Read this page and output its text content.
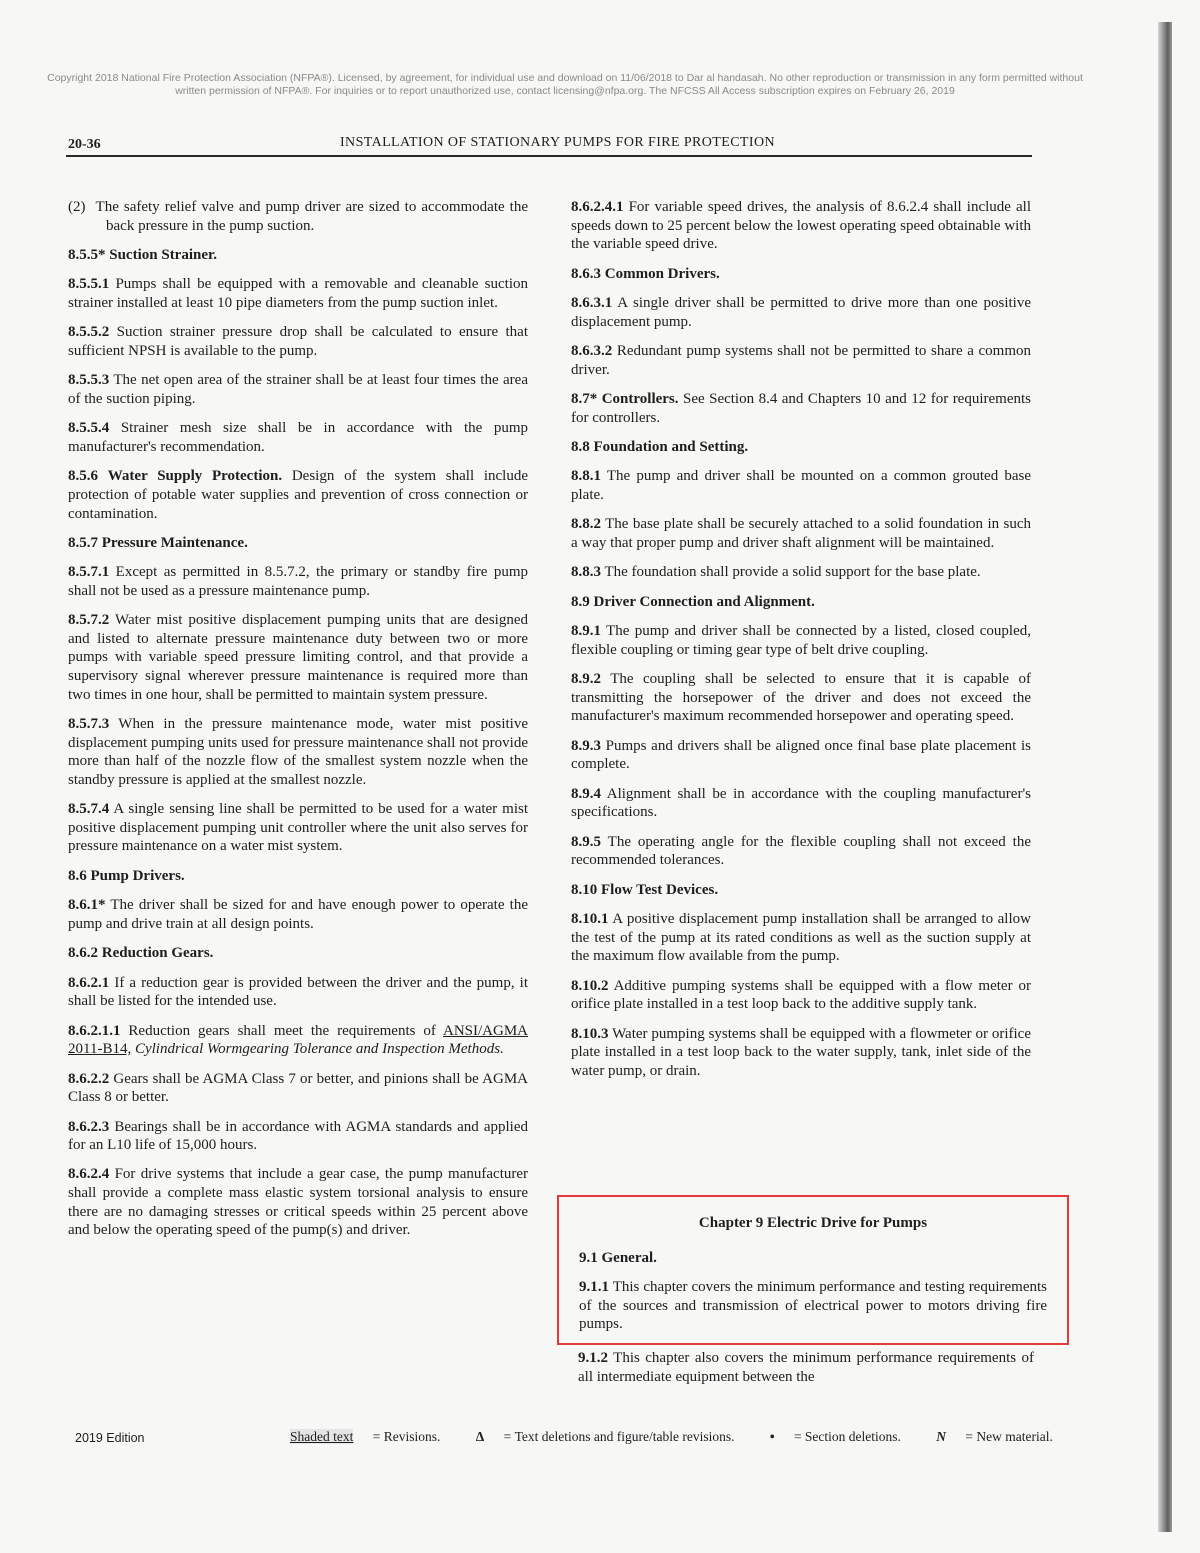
Copyright 2018 National Fire Protection Association (NFPA®). Licensed, by agreement, for individual use and download on 11/06/2018 to Dar al handasah. No other reproduction or transmission in any form permitted without
written permission of NFPA®. For inquiries or to report unauthorized use, contact licensing@nfpa.org. The NFCSS All Access subscription expires on February 26, 2019
20-36	INSTALLATION OF STATIONARY PUMPS FOR FIRE PROTECTION

(2) The safety relief valve and pump driver are sized to accommodate the back pressure in the pump suction.

8.5.5* Suction Strainer.

8.5.5.1 Pumps shall be equipped with a removable and cleanable suction strainer installed at least 10 pipe diameters from the pump suction inlet.

8.5.5.2 Suction strainer pressure drop shall be calculated to ensure that sufficient NPSH is available to the pump.

8.5.5.3 The net open area of the strainer shall be at least four times the area of the suction piping.

8.5.5.4 Strainer mesh size shall be in accordance with the pump manufacturer's recommendation.

8.5.6 Water Supply Protection. Design of the system shall include protection of potable water supplies and prevention of cross connection or contamination.

8.5.7 Pressure Maintenance.

8.5.7.1 Except as permitted in 8.5.7.2, the primary or standby fire pump shall not be used as a pressure maintenance pump.

8.5.7.2 Water mist positive displacement pumping units that are designed and listed to alternate pressure maintenance duty between two or more pumps with variable speed pressure limiting control, and that provide a supervisory signal wherever pressure maintenance is required more than two times in one hour, shall be permitted to maintain system pressure.

8.5.7.3 When in the pressure maintenance mode, water mist positive displacement pumping units used for pressure maintenance shall not provide more than half of the nozzle flow of the smallest system nozzle when the standby pressure is applied at the smallest nozzle.

8.5.7.4 A single sensing line shall be permitted to be used for a water mist positive displacement pumping unit controller where the unit also serves for pressure maintenance on a water mist system.

8.6 Pump Drivers.

8.6.1* The driver shall be sized for and have enough power to operate the pump and drive train at all design points.

8.6.2 Reduction Gears.

8.6.2.1 If a reduction gear is provided between the driver and the pump, it shall be listed for the intended use.

8.6.2.1.1 Reduction gears shall meet the requirements of ANSI/AGMA 2011-B14, Cylindrical Wormgearing Tolerance and Inspection Methods.

8.6.2.2 Gears shall be AGMA Class 7 or better, and pinions shall be AGMA Class 8 or better.

8.6.2.3 Bearings shall be in accordance with AGMA standards and applied for an L10 life of 15,000 hours.

8.6.2.4 For drive systems that include a gear case, the pump manufacturer shall provide a complete mass elastic system torsional analysis to ensure there are no damaging stresses or critical speeds within 25 percent above and below the operating speed of the pump(s) and driver.

8.6.2.4.1 For variable speed drives, the analysis of 8.6.2.4 shall include all speeds down to 25 percent below the lowest operating speed obtainable with the variable speed drive.

8.6.3 Common Drivers.

8.6.3.1 A single driver shall be permitted to drive more than one positive displacement pump.

8.6.3.2 Redundant pump systems shall not be permitted to share a common driver.

8.7* Controllers. See Section 8.4 and Chapters 10 and 12 for requirements for controllers.

8.8 Foundation and Setting.

8.8.1 The pump and driver shall be mounted on a common grouted base plate.

8.8.2 The base plate shall be securely attached to a solid foundation in such a way that proper pump and driver shaft alignment will be maintained.

8.8.3 The foundation shall provide a solid support for the base plate.

8.9 Driver Connection and Alignment.

8.9.1 The pump and driver shall be connected by a listed, closed coupled, flexible coupling or timing gear type of belt drive coupling.

8.9.2 The coupling shall be selected to ensure that it is capable of transmitting the horsepower of the driver and does not exceed the manufacturer's maximum recommended horsepower and operating speed.

8.9.3 Pumps and drivers shall be aligned once final base plate placement is complete.

8.9.4 Alignment shall be in accordance with the coupling manufacturer's specifications.

8.9.5 The operating angle for the flexible coupling shall not exceed the recommended tolerances.

8.10 Flow Test Devices.

8.10.1 A positive displacement pump installation shall be arranged to allow the test of the pump at its rated conditions as well as the suction supply at the maximum flow available from the pump.

8.10.2 Additive pumping systems shall be equipped with a flow meter or orifice plate installed in a test loop back to the additive supply tank.

8.10.3 Water pumping systems shall be equipped with a flowmeter or orifice plate installed in a test loop back to the water supply, tank, inlet side of the water pump, or drain.

Chapter 9 Electric Drive for Pumps

9.1 General.

9.1.1 This chapter covers the minimum performance and testing requirements of the sources and transmission of electrical power to motors driving fire pumps.

9.1.2 This chapter also covers the minimum performance requirements of all intermediate equipment between the

2019 Edition	Shaded text = Revisions.	Δ = Text deletions and figure/table revisions.	• = Section deletions.	N = New material.
